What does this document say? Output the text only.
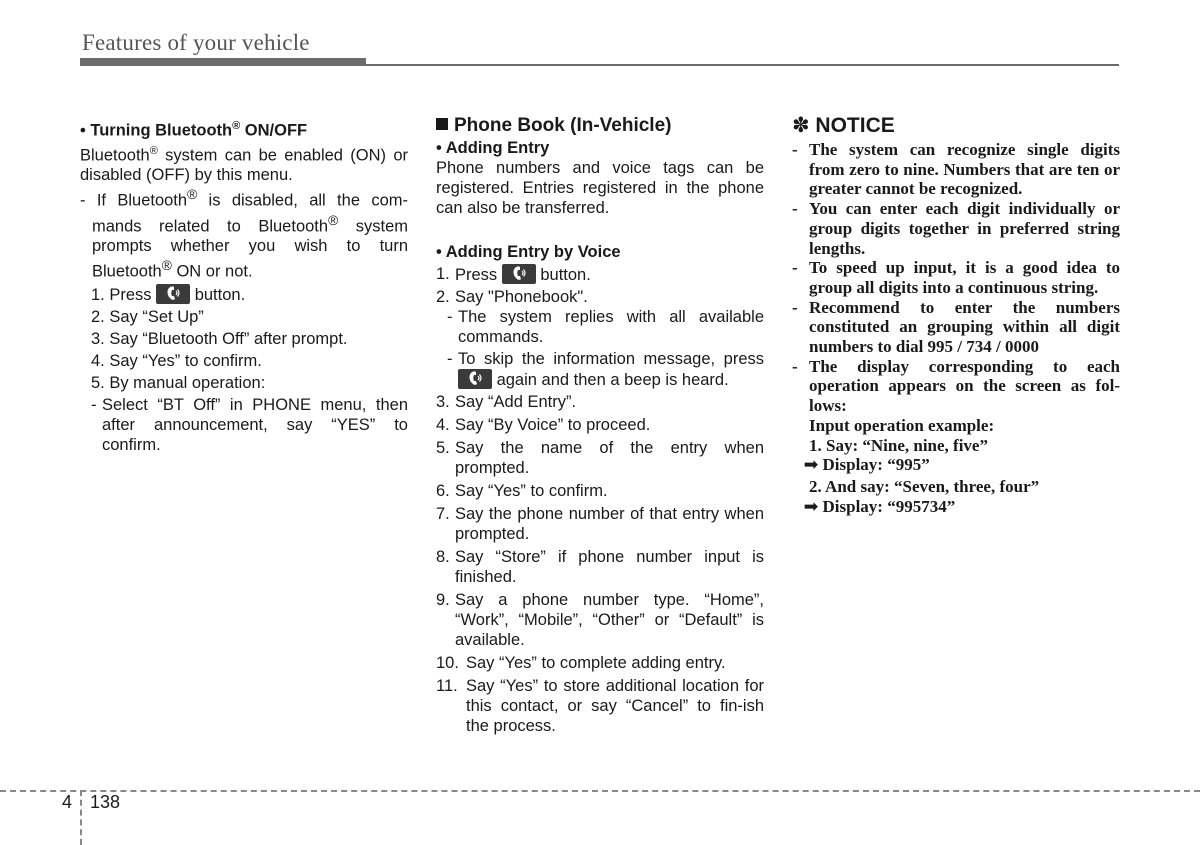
Features of your vehicle
• Turning Bluetooth® ON/OFF
Bluetooth® system can be enabled (ON) or disabled (OFF) by this menu.
- If Bluetooth® is disabled, all the com-mands related to Bluetooth® system prompts whether you wish to turn Bluetooth® ON or not.
1. Press
button.
2. Say “Set Up”
3. Say “Bluetooth Off” after prompt.
4. Say “Yes” to confirm.
5. By manual operation:
- Select “BT Off” in PHONE menu, then after announcement, say “YES” to confirm.
Phone Book (In-Vehicle)
• Adding Entry
Phone numbers and voice tags can be registered. Entries registered in the phone can also be transferred.
• Adding Entry by Voice
1. Press
button.
2. Say "Phonebook".
- The system replies with all available commands.
- To skip the information message, press
again and then a beep is heard.
3. Say “Add Entry”.
4. Say “By Voice” to proceed.
5. Say the name of the entry when prompted.
6. Say “Yes” to confirm.
7. Say the phone number of that entry when prompted.
8. Say “Store” if phone number input is finished.
9. Say a phone number type. “Home”, “Work”, “Mobile”, “Other” or “Default” is available.
10. Say “Yes” to complete adding entry.
11. Say “Yes” to store additional location for this contact, or say “Cancel” to fin-ish the process.
✽ NOTICE
- The system can recognize single digits from zero to nine. Numbers that are ten or greater cannot be recognized.
- You can enter each digit individually or group digits together in preferred string lengths.
- To speed up input, it is a good idea to group all digits into a continuous string.
- Recommend to enter the numbers constituted an grouping within all digit numbers to dial 995 / 734 / 0000
- The display corresponding to each operation appears on the screen as fol-lows:
Input operation example:
1. Say: “Nine, nine, five”
➟ Display: “995”
2. And say: “Seven, three, four”
➟ Display: “995734”
4 138
